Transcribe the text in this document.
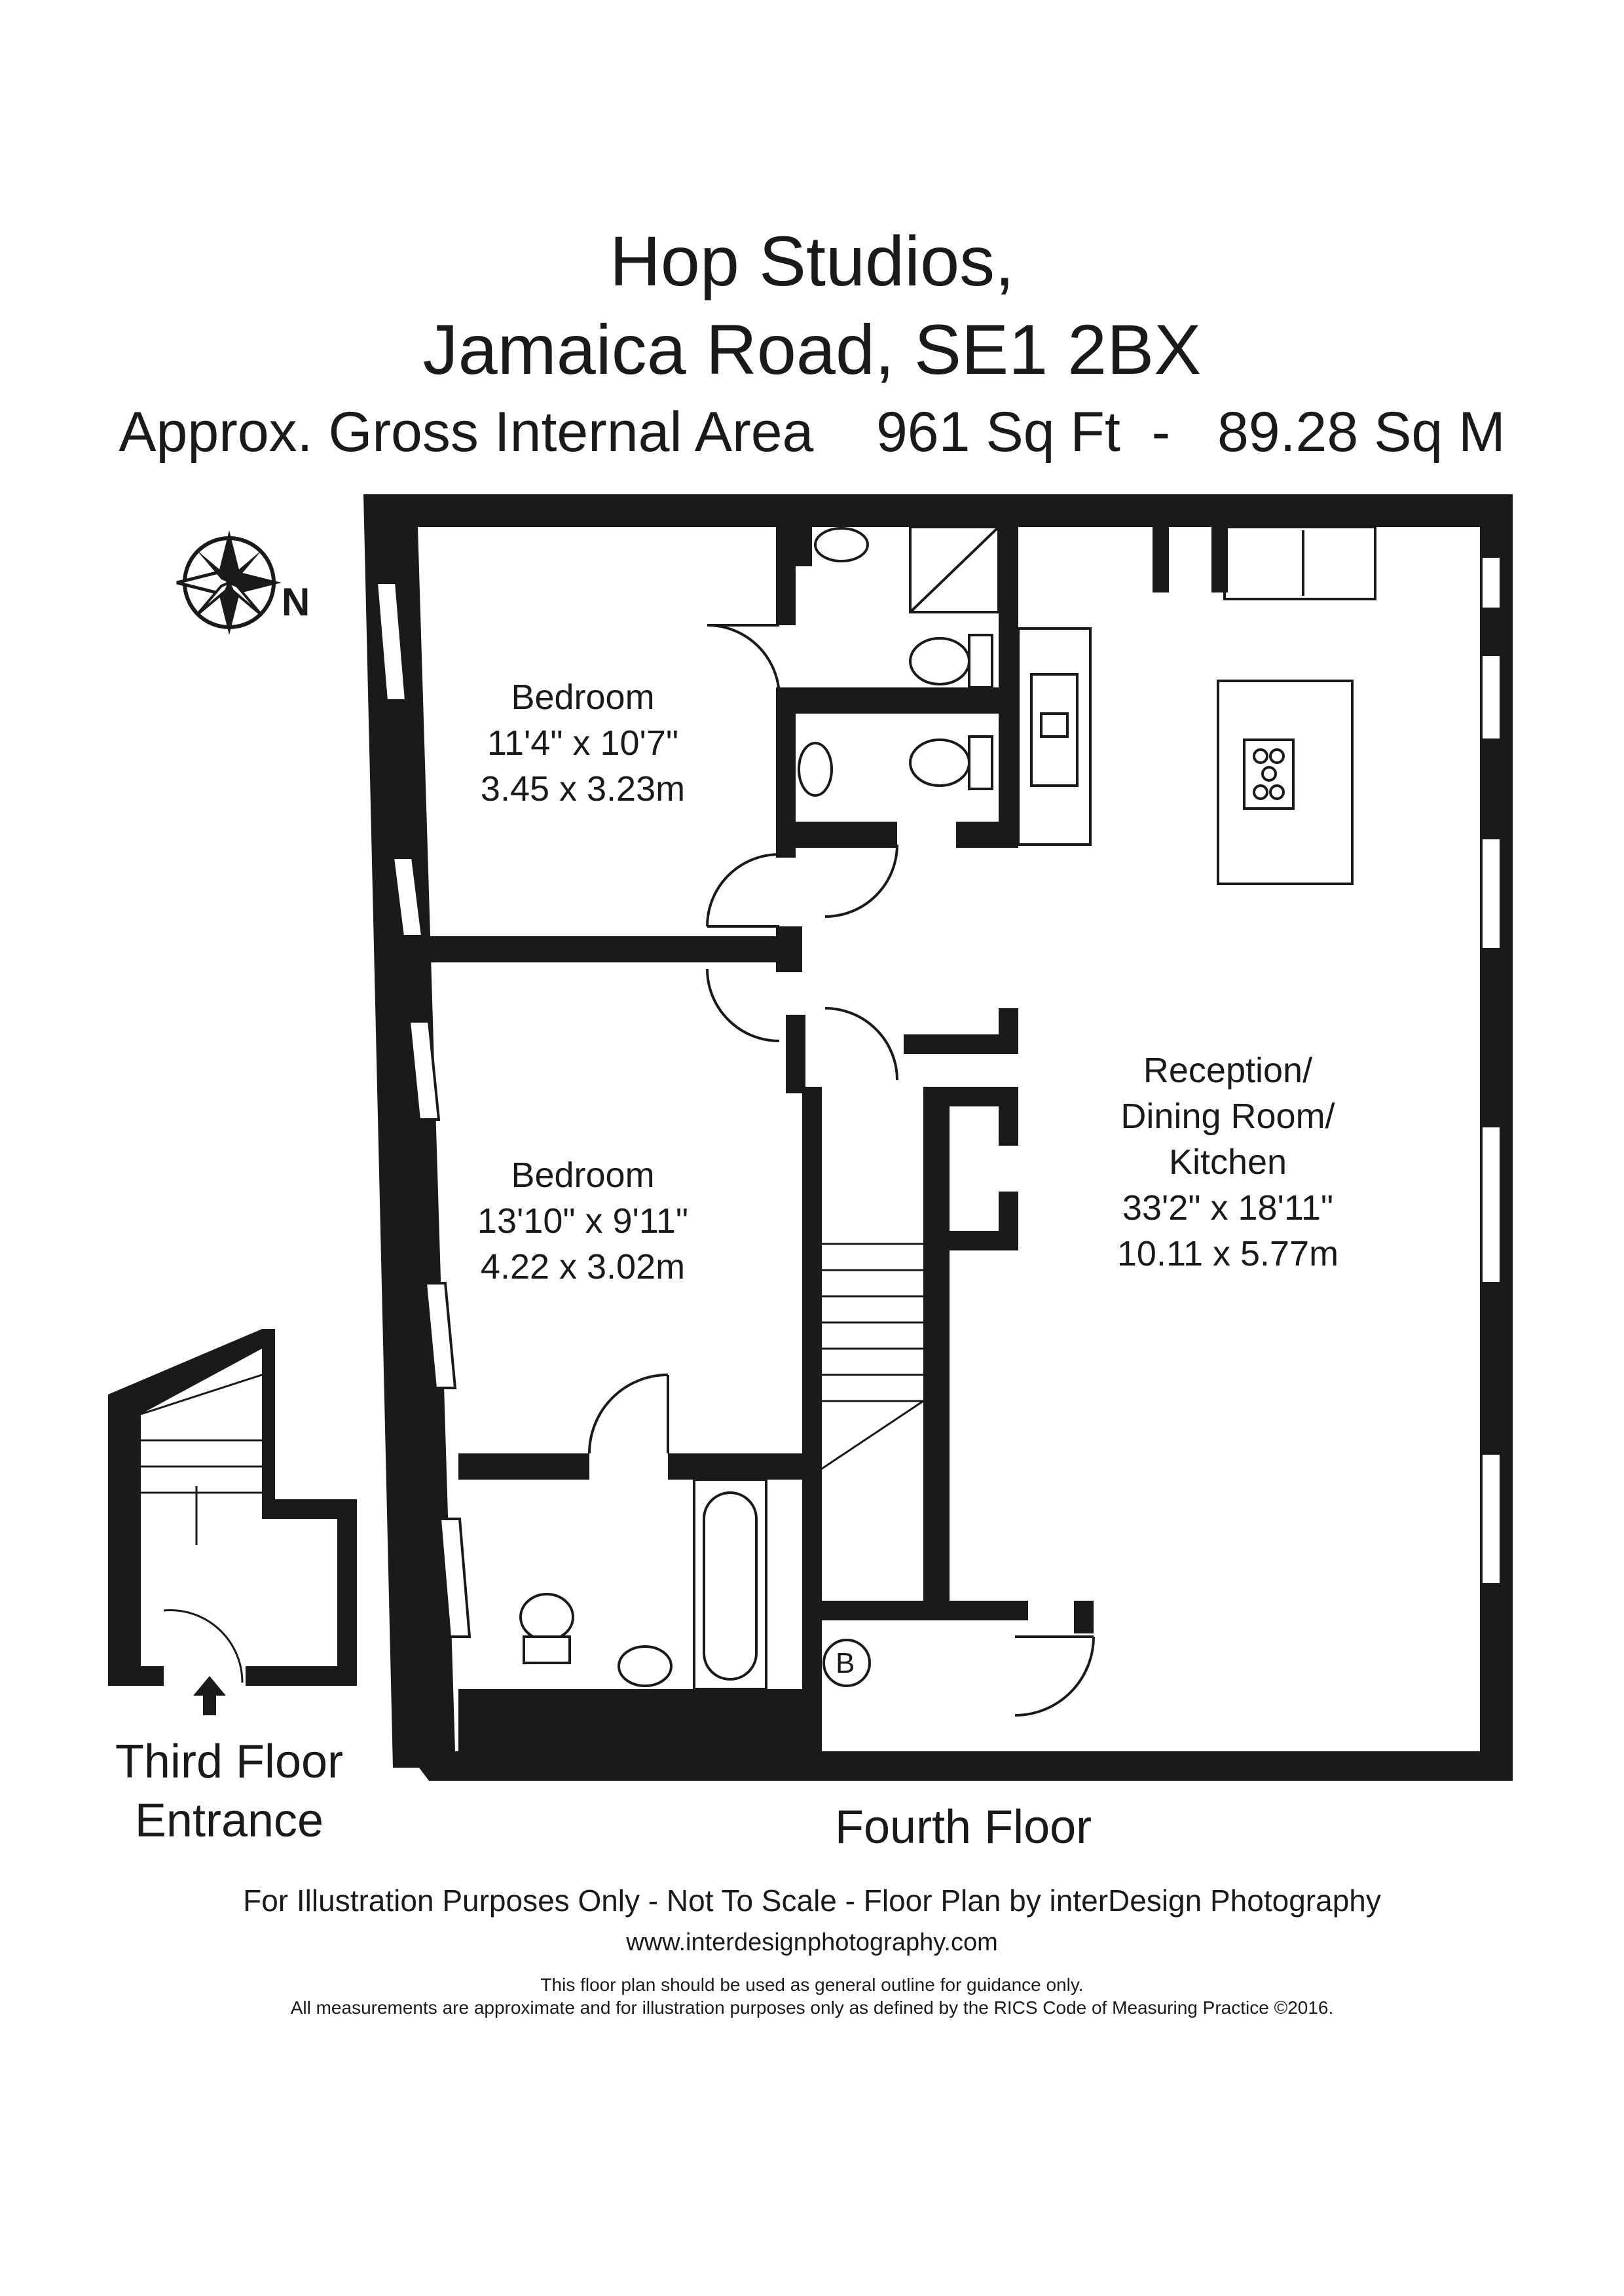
Hop Studios,
Jamaica Road, SE1 2BX
Approx. Gross Internal Area 961 Sq Ft - 89.28 Sq M
N
Bedroom
11'4" x 10'7"
3.45 x 3.23m
Bedroom
13'10" x 9'11"
4.22 x 3.02m
Reception/
Dining Room/
Kitchen
33'2" x 18'11"
10.11 x 5.77m
B
Fourth Floor
Third Floor
Entrance
For Illustration Purposes Only - Not To Scale - Floor Plan by interDesign Photography
www.interdesignphotography.com
This floor plan should be used as general outline for guidance only.
All measurements are approximate and for illustration purposes only as defined by the RICS Code of Measuring Practice ©2016.
